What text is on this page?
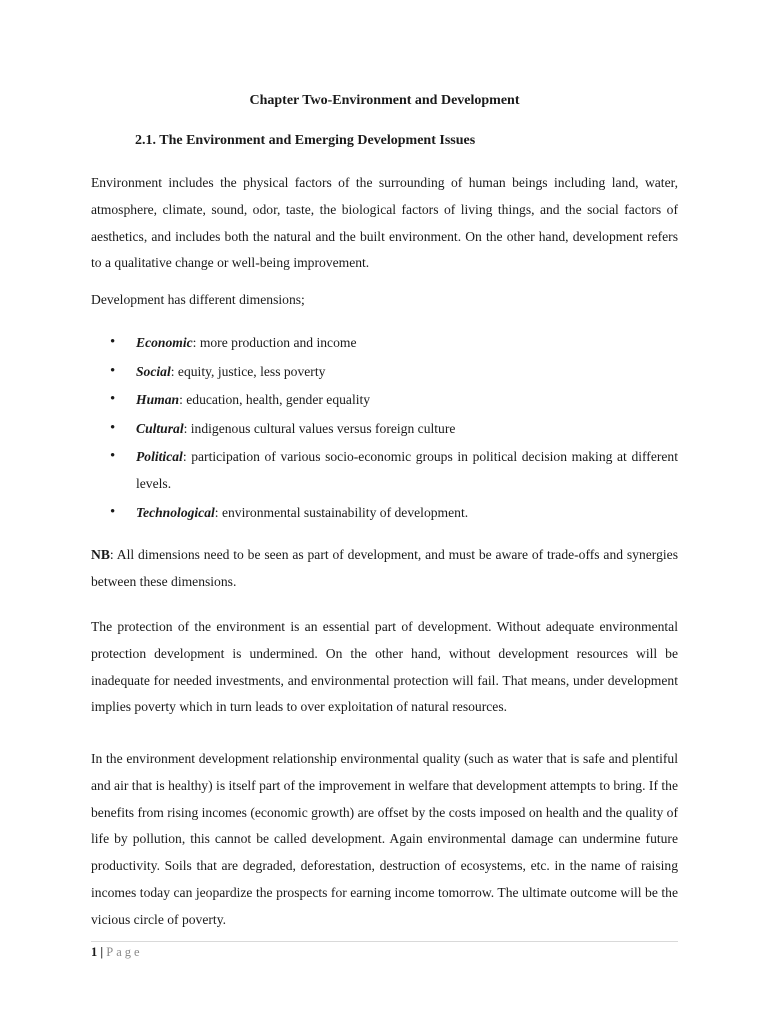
Chapter Two-Environment and Development
2.1. The Environment and Emerging Development Issues

Environment includes the physical factors of the surrounding of human beings including land, water, atmosphere, climate, sound, odor, taste, the biological factors of living things, and the social factors of aesthetics, and includes both the natural and the built environment. On the other hand, development refers to a qualitative change or well-being improvement.

Development has different dimensions;

• Economic: more production and income
• Social: equity, justice, less poverty
• Human: education, health, gender equality
• Cultural: indigenous cultural values versus foreign culture
• Political: participation of various socio-economic groups in political decision making at different levels.
• Technological: environmental sustainability of development.

NB: All dimensions need to be seen as part of development, and must be aware of trade-offs and synergies between these dimensions.

The protection of the environment is an essential part of development. Without adequate environmental protection development is undermined. On the other hand, without development resources will be inadequate for needed investments, and environmental protection will fail. That means, under development implies poverty which in turn leads to over exploitation of natural resources.

In the environment development relationship environmental quality (such as water that is safe and plentiful and air that is healthy) is itself part of the improvement in welfare that development attempts to bring. If the benefits from rising incomes (economic growth) are offset by the costs imposed on health and the quality of life by pollution, this cannot be called development. Again environmental damage can undermine future productivity. Soils that are degraded, deforestation, destruction of ecosystems, etc. in the name of raising incomes today can jeopardize the prospects for earning income tomorrow. The ultimate outcome will be the vicious circle of poverty.

1 | Page
